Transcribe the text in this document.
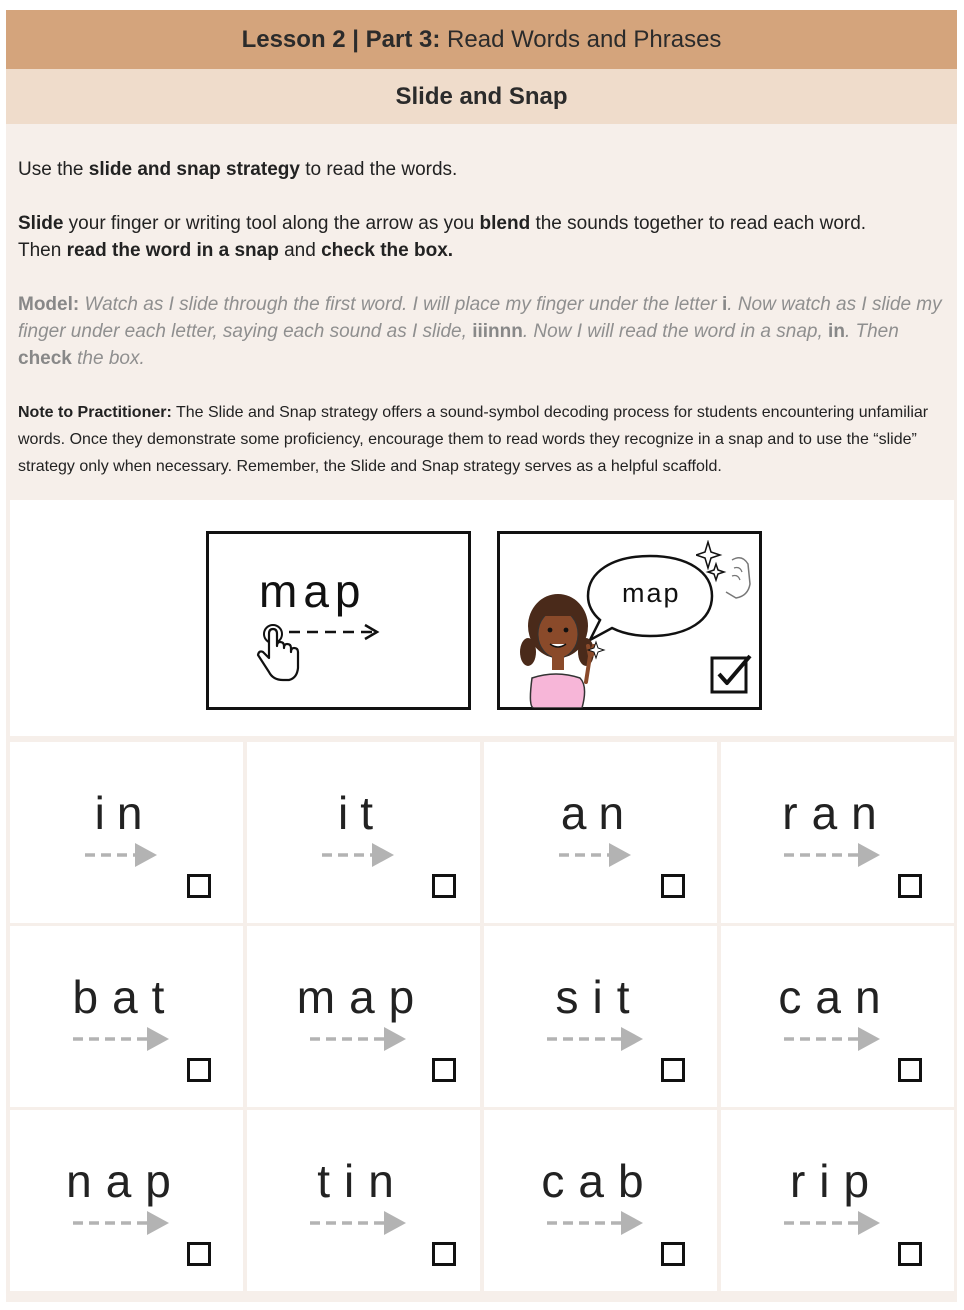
Lesson 2 | Part 3:
Read Words and Phrases
Slide and Snap

Use the slide and snap strategy to read the words.

Slide your finger or writing tool along the arrow as you blend the sounds together to read each word.
Then read the word in a snap and check the box.

Model: Watch as I slide through the first word. I will place my finger under the letter i. Now watch as I slide my finger under each letter, saying each sound as I slide, iiinnn. Now I will read the word in a snap, in. Then check the box.

Note to Practitioner: The Slide and Snap strategy offers a sound-symbol decoding process for students encountering unfamiliar words. Once they demonstrate some proficiency, encourage them to read words they recognize in a snap and to use the “slide” strategy only when necessary. Remember, the Slide and Snap strategy serves as a helpful scaffold.

map	map
in	it	an	ran
bat	map	sit	can
nap	tin	cab	rip
